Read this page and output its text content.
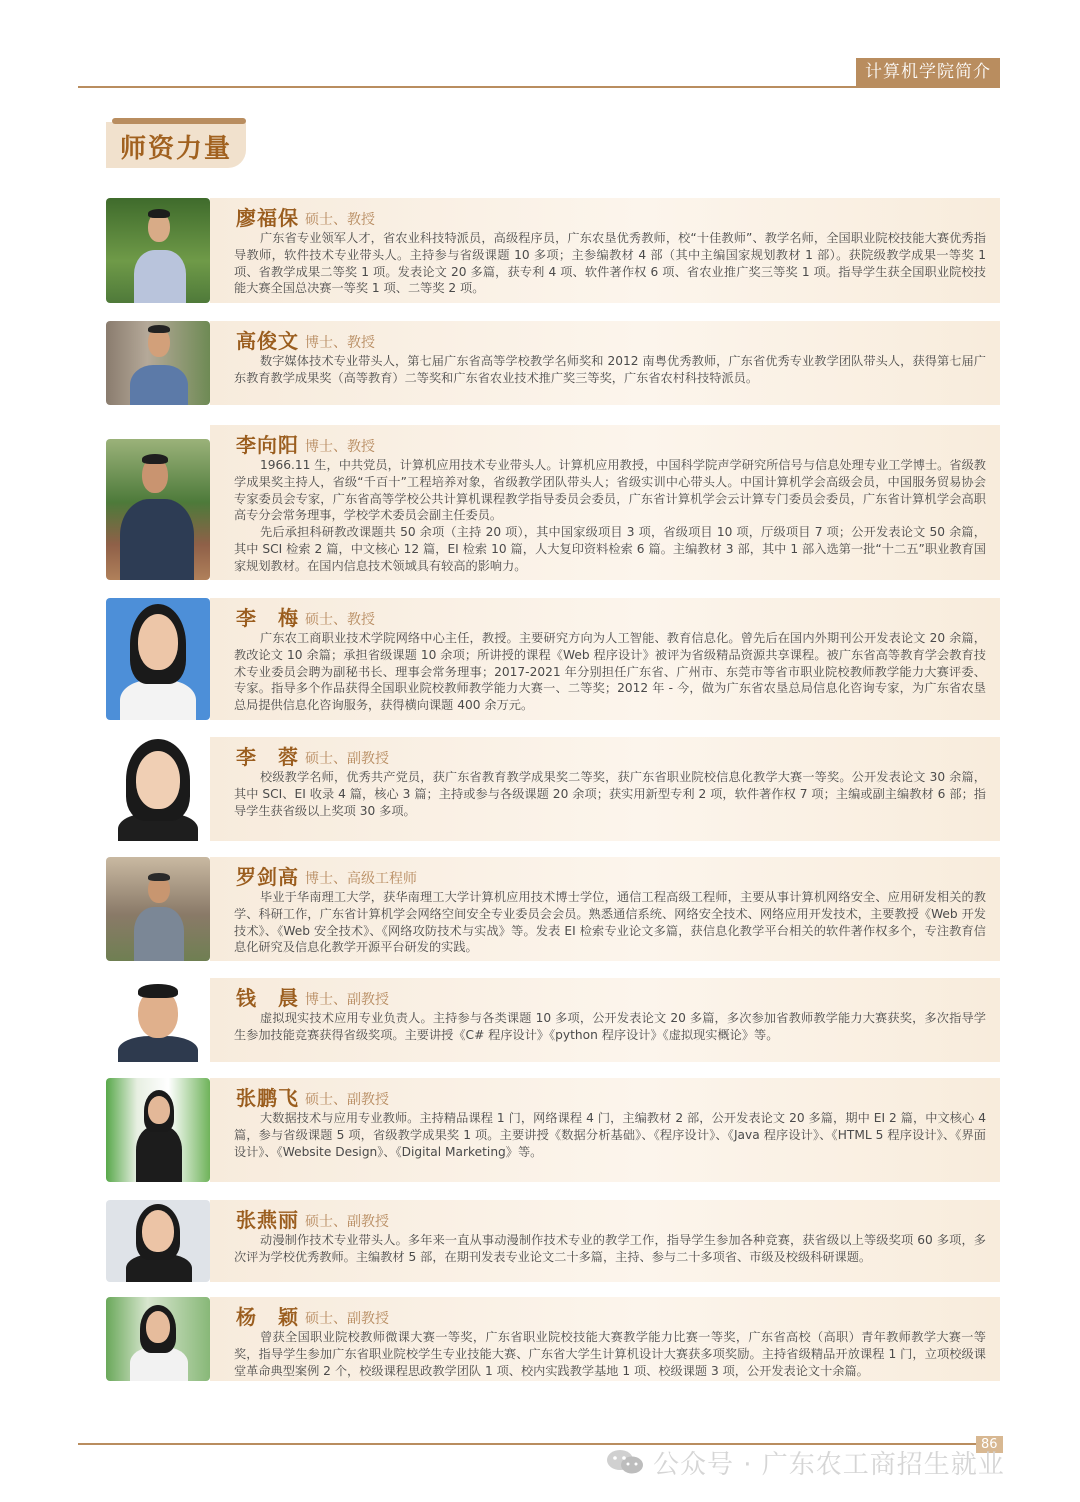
计算机学院简介
师资力量
廖福保 硕士、教授

广东省专业领军人才，省农业科技特派员，高级程序员，广东农垦优秀教师，校“十佳教师”、教学名师，全国职业院校技能大赛优秀指导教师，软件技术专业带头人。主持参与省级课题 10 多项；主参编教材 4 部（其中主编国家规划教材 1 部）。获院级教学成果一等奖 1 项、省教学成果二等奖 1 项。发表论文 20 多篇，获专利 4 项、软件著作权 6 项、省农业推广奖三等奖 1 项。指导学生获全国职业院校技能大赛全国总决赛一等奖 1 项、二等奖 2 项。

高俊文 博士、教授

数字媒体技术专业带头人，第七届广东省高等学校教学名师奖和 2012 南粤优秀教师，广东省优秀专业教学团队带头人，获得第七届广东教育教学成果奖（高等教育）二等奖和广东省农业技术推广奖三等奖，广东省农村科技特派员。

李向阳 博士、教授

1966.11 生，中共党员，计算机应用技术专业带头人。计算机应用教授，中国科学院声学研究所信号与信息处理专业工学博士。省级教学成果奖主持人，省级“千百十”工程培养对象，省级教学团队带头人；省级实训中心带头人。中国计算机学会高级会员，中国服务贸易协会专家委员会专家，广东省高等学校公共计算机课程教学指导委员会委员，广东省计算机学会云计算专门委员会委员，广东省计算机学会高职高专分会常务理事，学校学术委员会副主任委员。

先后承担科研教改课题共 50 余项（主持 20 项），其中国家级项目 3 项，省级项目 10 项，厅级项目 7 项；公开发表论文 50 余篇，其中 SCI 检索 2 篇，中文核心 12 篇，EI 检索 10 篇，人大复印资料检索 6 篇。主编教材 3 部，其中 1 部入选第一批“十二五”职业教育国家规划教材。在国内信息技术领域具有较高的影响力。

李　梅 硕士、教授

广东农工商职业技术学院网络中心主任，教授。主要研究方向为人工智能、教育信息化。曾先后在国内外期刊公开发表论文 20 余篇，教改论文 10 余篇；承担省级课题 10 余项；所讲授的课程《Web 程序设计》被评为省级精品资源共享课程。被广东省高等教育学会教育技术专业委员会聘为副秘书长、理事会常务理事；2017-2021 年分别担任广东省、广州市、东莞市等省市职业院校教师教学能力大赛评委、专家。指导多个作品获得全国职业院校教师教学能力大赛一、二等奖；2012 年 - 今，做为广东省农垦总局信息化咨询专家，为广东省农垦总局提供信息化咨询服务，获得横向课题 400 余万元。

李　蓉 硕士、副教授

校级教学名师，优秀共产党员，获广东省教育教学成果奖二等奖，获广东省职业院校信息化教学大赛一等奖。公开发表论文 30 余篇，其中 SCI、EI 收录 4 篇，核心 3 篇；主持或参与各级课题 20 余项；获实用新型专利 2 项，软件著作权 7 项；主编或副主编教材 6 部；指导学生获省级以上奖项 30 多项。

罗剑高 博士、高级工程师

毕业于华南理工大学，获华南理工大学计算机应用技术博士学位，通信工程高级工程师，主要从事计算机网络安全、应用研发相关的教学、科研工作，广东省计算机学会网络空间安全专业委员会会员。熟悉通信系统、网络安全技术、网络应用开发技术，主要教授《Web 开发技术》、《Web 安全技术》、《网络攻防技术与实战》等。发表 EI 检索专业论文多篇，获信息化教学平台相关的软件著作权多个，专注教育信息化研究及信息化教学开源平台研发的实践。

钱　晨 博士、副教授

虚拟现实技术应用专业负责人。主持参与各类课题 10 多项，公开发表论文 20 多篇，多次参加省教师教学能力大赛获奖，多次指导学生参加技能竞赛获得省级奖项。主要讲授《C# 程序设计》《python 程序设计》《虚拟现实概论》等。

张鹏飞 硕士、副教授

大数据技术与应用专业教师。主持精品课程 1 门，网络课程 4 门，主编教材 2 部，公开发表论文 20 多篇，期中 EI 2 篇，中文核心 4 篇，参与省级课题 5 项，省级教学成果奖 1 项。主要讲授《数据分析基础》、《程序设计》、《Java 程序设计》、《HTML 5 程序设计》、《界面设计》、《Website Design》、《Digital Marketing》等。

张燕丽 硕士、副教授

动漫制作技术专业带头人。多年来一直从事动漫制作技术专业的教学工作，指导学生参加各种竞赛，获省级以上等级奖项 60 多项，多次评为学校优秀教师。主编教材 5 部，在期刊发表专业论文二十多篇，主持、参与二十多项省、市级及校级科研课题。

杨　颖 硕士、副教授

曾获全国职业院校教师微课大赛一等奖，广东省职业院校技能大赛教学能力比赛一等奖，广东省高校（高职）青年教师教学大赛一等奖，指导学生参加广东省职业院校学生专业技能大赛、广东省大学生计算机设计大赛获多项奖励。主持省级精品开放课程 1 门，立项校级课堂革命典型案例 2 个，校级课程思政教学团队 1 项、校内实践教学基地 1 项、校级课题 3 项，公开发表论文十余篇。

86
公众号 · 广东农工商招生就业
